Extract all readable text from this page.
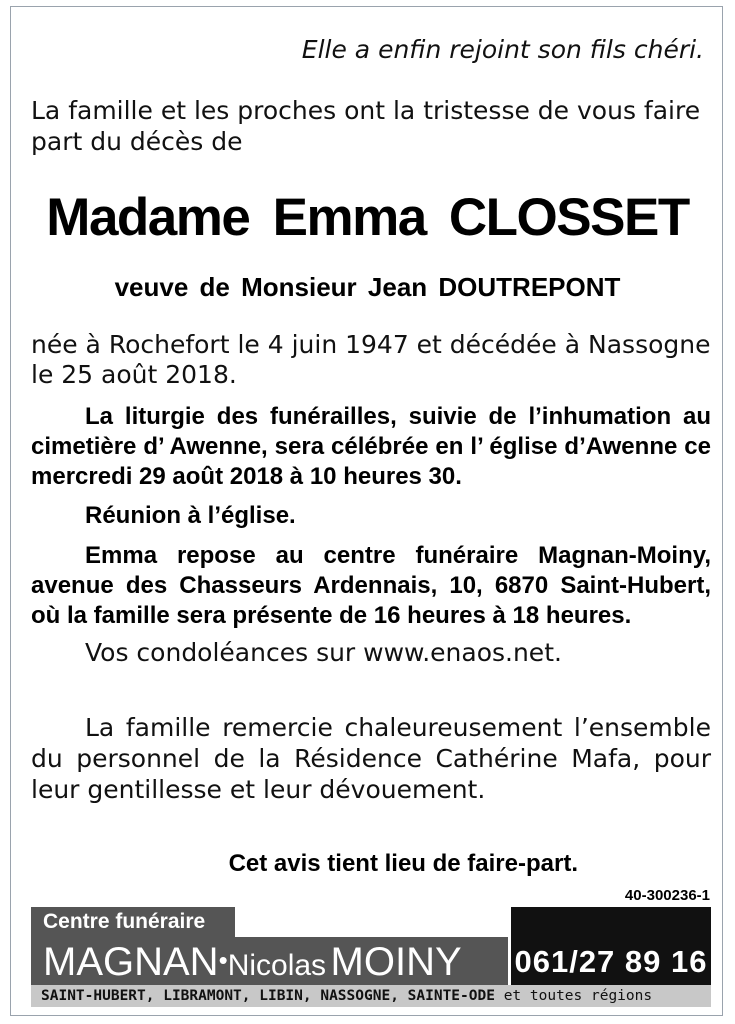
Elle a enfin rejoint son fils chéri.
La famille et les proches ont la tristesse de vous faire part du décès de
Madame Emma CLOSSET
veuve de Monsieur Jean DOUTREPONT
née à Rochefort le 4 juin 1947 et décédée à Nassogne le 25 août 2018.
La liturgie des funérailles, suivie de l’inhumation au cimetière d’ Awenne, sera célébrée en l’ église d’Awenne ce mercredi 29 août 2018 à 10 heures 30.
Réunion à l’église.
Emma repose au centre funéraire Magnan-Moiny, avenue des Chasseurs Ardennais, 10, 6870 Saint-Hubert, où la famille sera présente de 16 heures à 18 heures.
Vos condoléances sur www.enaos.net.
La famille remercie chaleureusement l’ensemble du personnel de la Résidence Cathérine Mafa, pour leur gentillesse et leur dévouement.
Cet avis tient lieu de faire-part.
40-300236-1
Centre funéraire
MAGNAN•Nicolas MOINY	061/27 89 16
SAINT-HUBERT, LIBRAMONT, LIBIN, NASSOGNE, SAINTE-ODE et toutes régions
